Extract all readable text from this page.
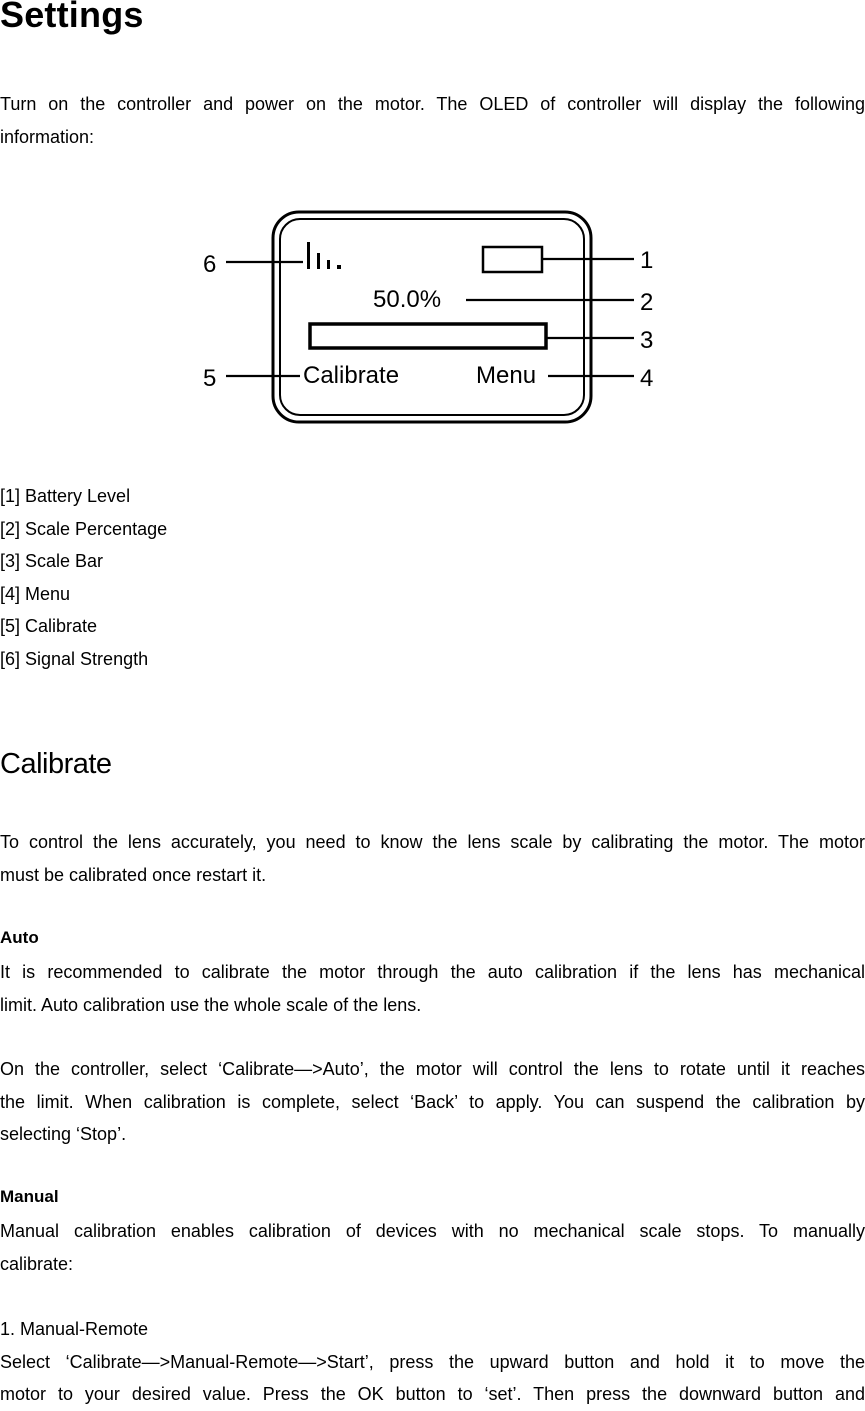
Settings

Turn on the controller and power on the motor. The OLED of controller will display the following
information:

50.0%
Calibrate	Menu
1
2
3
4
5
6
[1] Battery Level
[2] Scale Percentage
[3] Scale Bar
[4] Menu
[5] Calibrate
[6] Signal Strength
Calibrate

To control the lens accurately, you need to know the lens scale by calibrating the motor. The motor
must be calibrated once restart it.

Auto

It is recommended to calibrate the motor through the auto calibration if the lens has mechanical
limit. Auto calibration use the whole scale of the lens.

On the controller, select ‘Calibrate—>Auto’, the motor will control the lens to rotate until it reaches
the limit. When calibration is complete, select ‘Back’ to apply. You can suspend the calibration by
selecting ‘Stop’.

Manual

Manual calibration enables calibration of devices with no mechanical scale stops. To manually
calibrate:

1. Manual-Remote
Select ‘Calibrate—>Manual-Remote—>Start’, press the upward button and hold it to move the
motor to your desired value. Press the OK button to ‘set’. Then press the downward button and
